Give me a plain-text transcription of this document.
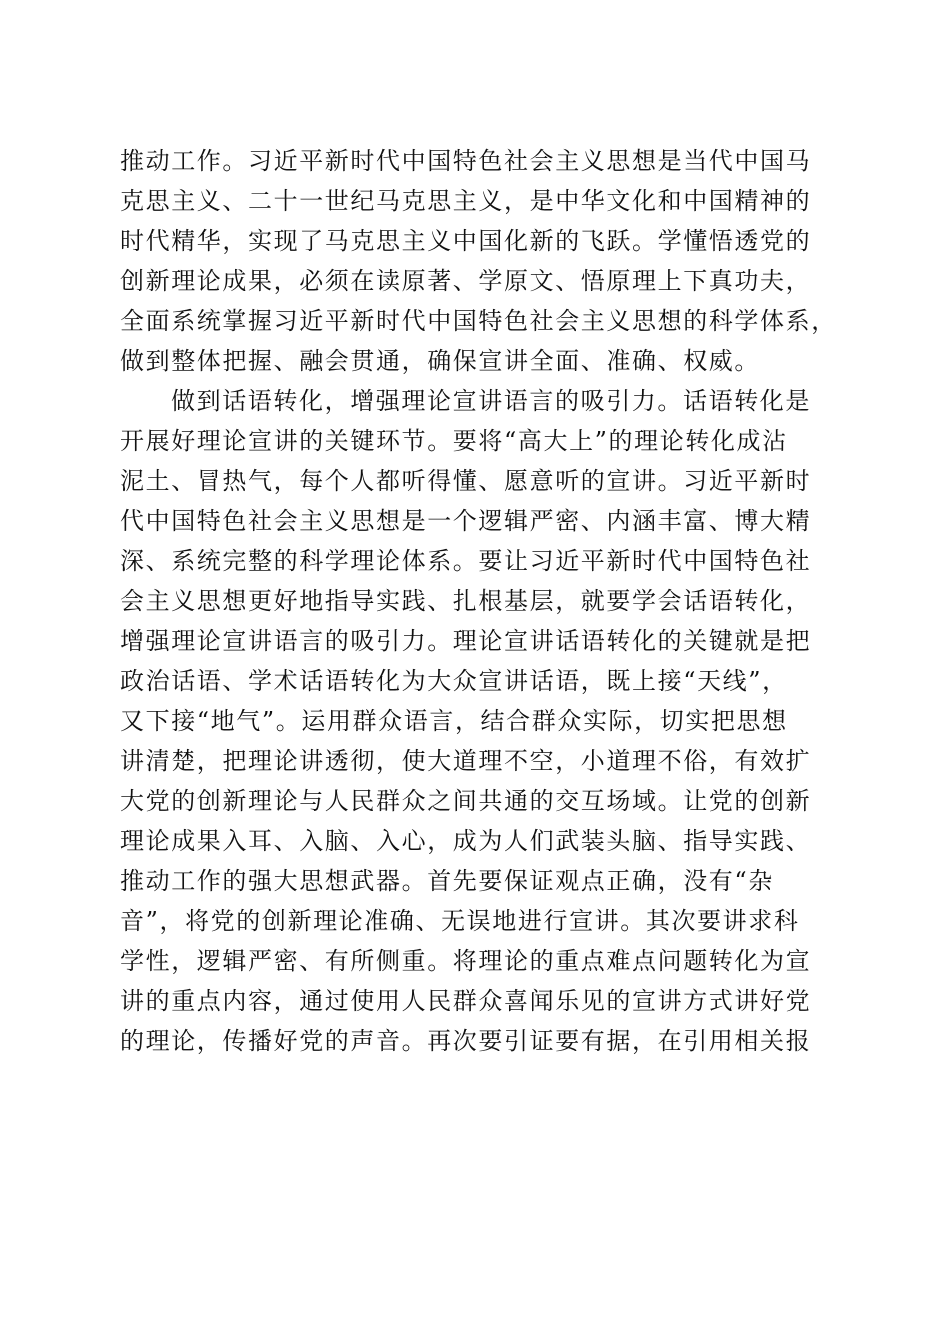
推动工作。习近平新时代中国特色社会主义思想是当代中国马
克思主义、二十一世纪马克思主义，是中华文化和中国精神的
时代精华，实现了马克思主义中国化新的飞跃。学懂悟透党的
创新理论成果，必须在读原著、学原文、悟原理上下真功夫，
全面系统掌握习近平新时代中国特色社会主义思想的科学体系，
做到整体把握、融会贯通，确保宣讲全面、准确、权威。
做到话语转化，增强理论宣讲语言的吸引力。话语转化是
开展好理论宣讲的关键环节。要将“高大上”的理论转化成沾
泥土、冒热气，每个人都听得懂、愿意听的宣讲。习近平新时
代中国特色社会主义思想是一个逻辑严密、内涵丰富、博大精
深、系统完整的科学理论体系。要让习近平新时代中国特色社
会主义思想更好地指导实践、扎根基层，就要学会话语转化，
增强理论宣讲语言的吸引力。理论宣讲话语转化的关键就是把
政治话语、学术话语转化为大众宣讲话语，既上接“天线”，
又下接“地气”。运用群众语言，结合群众实际，切实把思想
讲清楚，把理论讲透彻，使大道理不空，小道理不俗，有效扩
大党的创新理论与人民群众之间共通的交互场域。让党的创新
理论成果入耳、入脑、入心，成为人们武装头脑、指导实践、
推动工作的强大思想武器。首先要保证观点正确，没有“杂
音”，将党的创新理论准确、无误地进行宣讲。其次要讲求科
学性，逻辑严密、有所侧重。将理论的重点难点问题转化为宣
讲的重点内容，通过使用人民群众喜闻乐见的宣讲方式讲好党
的理论，传播好党的声音。再次要引证要有据，在引用相关报
